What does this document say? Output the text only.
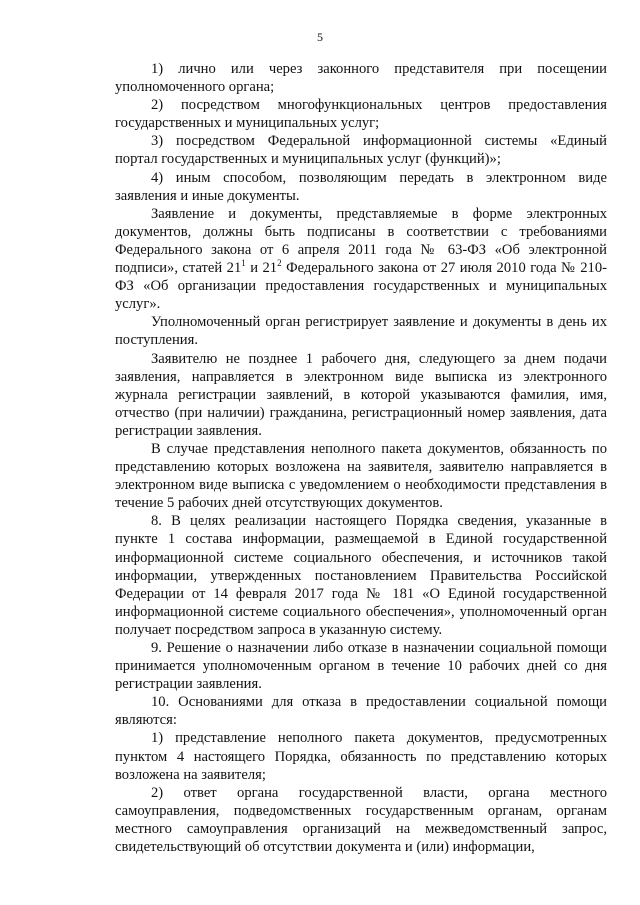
5

1) лично или через законного представителя при посещении уполномоченного органа;

2) посредством многофункциональных центров предоставления государственных и муниципальных услуг;

3) посредством Федеральной информационной системы «Единый портал государственных и муниципальных услуг (функций)»;

4) иным способом, позволяющим передать в электронном виде заявления и иные документы.

Заявление и документы, представляемые в форме электронных документов, должны быть подписаны в соответствии с требованиями Федерального закона от 6 апреля 2011 года № 63-ФЗ «Об электронной подписи», статей $21^1$ и $21^2$ Федерального закона от 27 июля 2010 года № 210-ФЗ «Об организации предоставления государственных и муниципальных услуг».

Уполномоченный орган регистрирует заявление и документы в день их поступления.

Заявителю не позднее 1 рабочего дня, следующего за днем подачи заявления, направляется в электронном виде выписка из электронного журнала регистрации заявлений, в которой указываются фамилия, имя, отчество (при наличии) гражданина, регистрационный номер заявления, дата регистрации заявления.

В случае представления неполного пакета документов, обязанность по представлению которых возложена на заявителя, заявителю направляется в электронном виде выписка с уведомлением о необходимости представления в течение 5 рабочих дней отсутствующих документов.

8. В целях реализации настоящего Порядка сведения, указанные в пункте 1 состава информации, размещаемой в Единой государственной информационной системе социального обеспечения, и источников такой информации, утвержденных постановлением Правительства Российской Федерации от 14 февраля 2017 года № 181 «О Единой государственной информационной системе социального обеспечения», уполномоченный орган получает посредством запроса в указанную систему.

9. Решение о назначении либо отказе в назначении социальной помощи принимается уполномоченным органом в течение 10 рабочих дней со дня регистрации заявления.

10. Основаниями для отказа в предоставлении социальной помощи являются:

1) представление неполного пакета документов, предусмотренных пунктом 4 настоящего Порядка, обязанность по представлению которых возложена на заявителя;

2) ответ органа государственной власти, органа местного самоуправления, подведомственных государственным органам, органам местного самоуправления организаций на межведомственный запрос, свидетельствующий об отсутствии документа и (или) информации,
